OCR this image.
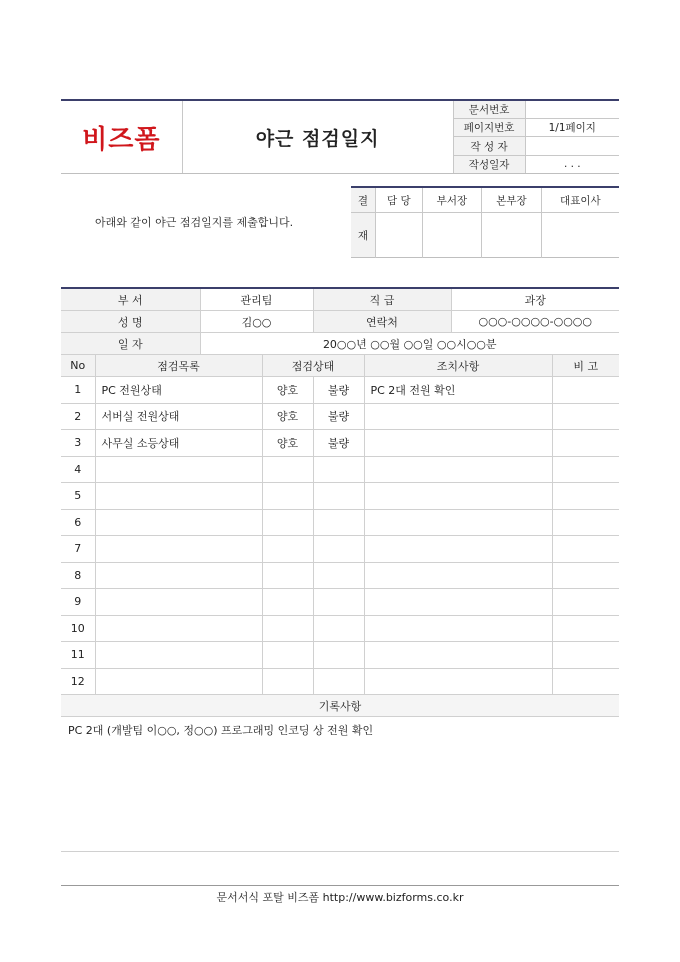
비즈폼	야근 점검일지
문서번호	
페이지번호	1/1페이지
작 성 자	
작성일자	. . .
아래와 같이 야근 점검일지를 제출합니다.
결	담 당	부서장	본부장	대표이사
재				
부 서		관리팀		직 급		과장	
성 명		김○○		연락처		○○○-○○○○-○○○○	
일 자		20○○년 ○○월 ○○일 ○○시○○분					
No	점검목록		점검상태		조치사항		비 고
1	PC 전원상태		양호	불량	PC 2대 전원 확인		
2	서버실 전원상태		양호	불량			
3	사무실 소등상태		양호	불량			
4							
5							
6							
7							
8							
9							
10							
11							
12							
기록사항
PC 2대 (개발팀 이○○, 정○○) 프로그래밍 인코딩 상 전원 확인
문서서식 포탈 비즈폼 http://www.bizforms.co.kr
